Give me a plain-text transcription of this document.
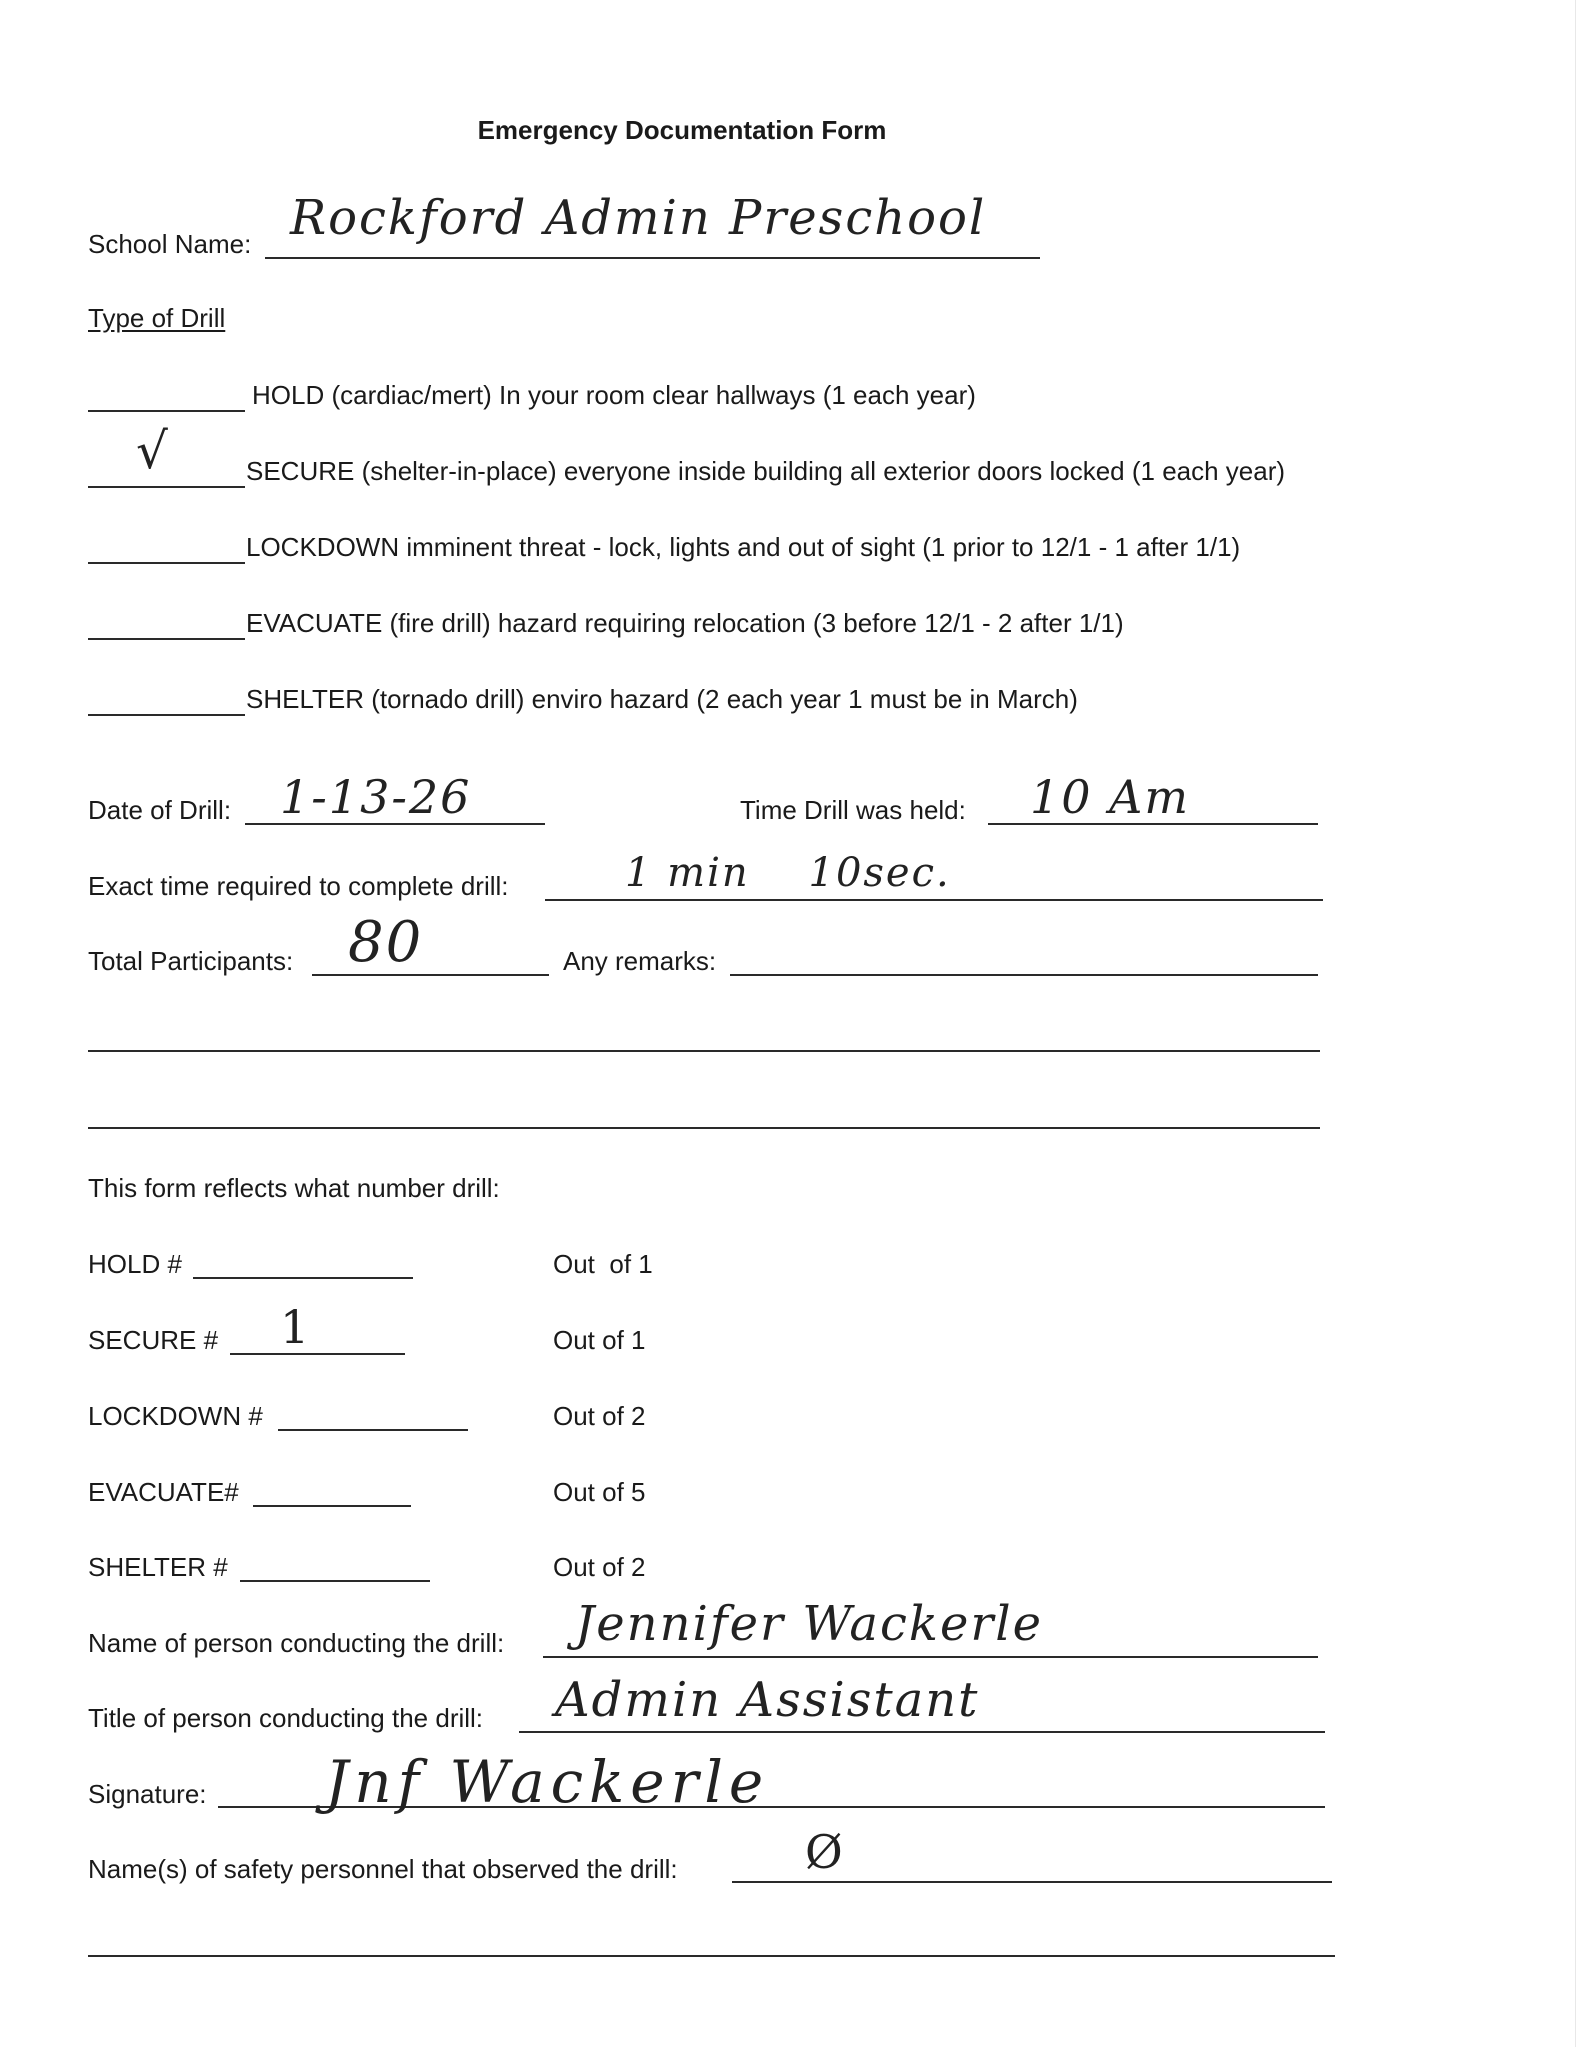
Emergency Documentation Form
School Name: Rockford Admin Preschool
Type of Drill
HOLD (cardiac/mert) In your room clear hallways (1 each year)
√	SECURE (shelter-in-place) everyone inside building all exterior doors locked (1 each year)
LOCKDOWN imminent threat - lock, lights and out of sight (1 prior to 12/1 - 1 after 1/1)
EVACUATE (fire drill) hazard requiring relocation (3 before 12/1 - 2 after 1/1)
SHELTER (tornado drill) enviro hazard (2 each year 1 must be in March)
Date of Drill: 1-13-26	Time Drill was held: 10 Am
Exact time required to complete drill:	1 min    10sec.
Total Participants: 80	Any remarks:
This form reflects what number drill:
HOLD #	Out  of 1
SECURE # 1	Out of 1
LOCKDOWN #	Out of 2
EVACUATE#	Out of 5
SHELTER #	Out of 2
Name of person conducting the drill: Jennifer Wackerle
Title of person conducting the drill: Admin Assistant
Signature: Jnf Wackerle
Name(s) of safety personnel that observed the drill:	Ø
